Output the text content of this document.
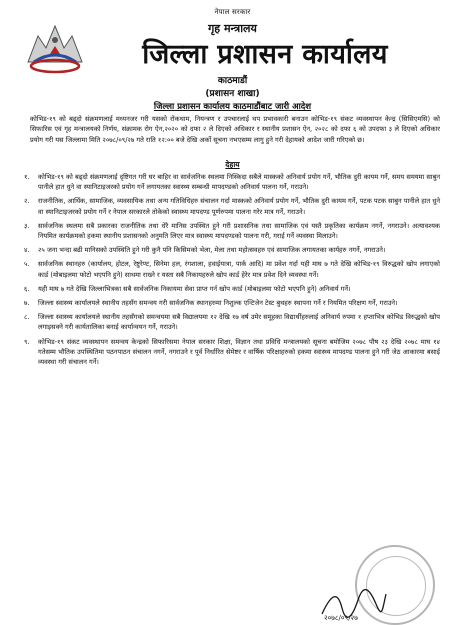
नेपाल सरकार
गृह मन्त्रालय
जिल्ला प्रशासन कार्यालय
काठमाडौं
(प्रशासन शाखा)
जिल्ला प्रशासन कार्यालय काठमाडौंबाट जारी आदेश
कोभिड-१९ को बढ्दो संक्रमणलाई मध्यनजर गरी यसको रोकथाम, नियन्त्रण र उपचारलाई थप प्रभावकारी बनाउन कोभिड-१९ संकट व्यवस्थापन केन्द्र (सिसिएमसि) को सिफारिस एवं गृह मन्त्रालयको निर्णय, संक्रामक रोग ऐन,२०२० को दफा २ ले दिएको अधिकार र स्थानीय प्रशासन ऐन, २०२८ को दफा ६ को उपदफा ३ ले दिएको अधिकार प्रयोग गरी यस जिल्लामा मिति २०७८/०९/२७ गते राति १२:०० बजे देखि अर्को सूचना नभएसम्म लागु हुने गरी देहायको आदेश जारी गरिएको छ।
देहाय
१.	कोभिड-१९ को बढ्दो संक्रमणलाई दृष्टिगत गरी घर बाहिर वा सार्वजनिक स्थलमा निस्किदा सबैले मास्कको अनिवार्य प्रयोग गर्ने, भौतिक दुरी कायम गर्ने, समय समयमा साबुन पानीले हात धुने वा स्यानिटाइजरको प्रयोग गर्ने लगायतका स्वास्थ्य सम्बन्धी मापदण्डको अनिवार्य पालना गर्ने, गराउने।
२.	राजनीतिक, आर्थिक, सामाजिक, व्यवसायिक तथा अन्य गतिविधिहरु संचालन गर्दा मास्कको अनिवार्य प्रयोग गर्ने, भौतिक दुरी कायम गर्ने, पटक पटक साबुन पानीले हात धुने वा स्यानिटाइजरको प्रयोग गर्ने र नेपाल सरकारले तोकेको स्वास्थ्य मापदण्ड पूर्णरुपमा पालना गरेर मात्र गर्ने, गराउने।
३.	सार्वजनिक स्थलमा सबै प्रकारका राजनीतिक तथा धेरै मानिस उपस्थित हुने गरी प्रशासनिक तथा सामाजिक एवं यस्तै प्रकृतिका कार्यक्रम नगर्ने, नगराउने। अत्यावश्यक नियमित कार्यक्रमको हकमा स्थानीय प्रशासनको अनुमति लिएर मात्र स्वास्थ्य मापदण्डको पालना गरी, गराई गर्ने व्यवस्था मिलाउने।
४.	२५ जना भन्दा बढी मानिसको उपस्थिति हुने गरी कुनै पनि किसिमको भेला, मेला तथा महोत्सवहरु एवं सामाजिक लगायतका कार्यहरु नगर्ने, नगराउने।
५.	सार्वजनिक स्थानहरु (कार्यालय, होटल, रेष्टुरेण्ट, सिनेमा हल, रंगशाला, हवाईयात्रा, पार्क आदि) मा प्रवेश गर्दा यही माघ ७ गते देखि कोभिड-१९ विरुद्धको खोप लगाएको कार्ड (मोबाइलमा फोटो भएपनि हुने) साथमा राख्ने र यस्ता सबै निकायहरुले खोप कार्ड हेरेर मात्र प्रवेश दिने व्यवस्था गर्ने।
६.	यही माघ ७ गते देखि जिल्लाभित्रका सबै सार्वजनिक निकायमा सेवा प्राप्त गर्न खोप कार्ड (मोबाइलमा फोटो भएपनि हुने) अनिवार्य गर्ने।
७.	जिल्ला स्वास्थ्य कार्यालयले स्थानीय तहसँग समन्वय गरी सार्वजनिक स्थानहरुमा निशुल्क एन्टिजेन टेस्ट बुथहरु स्थापना गर्ने र नियमित परिक्षण गर्ने, गराउने।
८.	जिल्ला स्वास्थ्य कार्यालयले स्थानीय तहसँगको समन्वयमा सबै विद्यालयमा १२ देखि १७ वर्ष उमेर समूहका विद्यार्थीहरुलाई अनिवार्य रुपमा १ हप्ताभित्र कोभिड विरुद्धको खोप लगाइसक्ने गरी कार्यतालिका बनाई कार्यान्वयन गर्ने, गराउने।
९.	कोभिड-१९ संकट व्यवस्थापन समन्वय केन्द्रको सिफारिसमा नेपाल सरकार शिक्षा, विज्ञान तथा प्रविधि मन्त्रालयको सूचना बमोजिम २०७८ पौष २३ देखि २०७८ माघ १४ गतेसम्म भौतिक उपस्थितिमा पठनपाठन संचालन नगर्ने, नगराउने र पूर्व निर्धारित सेमेष्टर र वार्षिक परिक्षाहरुको हकमा स्वास्थ्य मापदण्ड पालना हुने गरी जेठ आकारमा बसाई व्यवस्था गरी संचालन गर्ने।
२०७८/०९/२७
